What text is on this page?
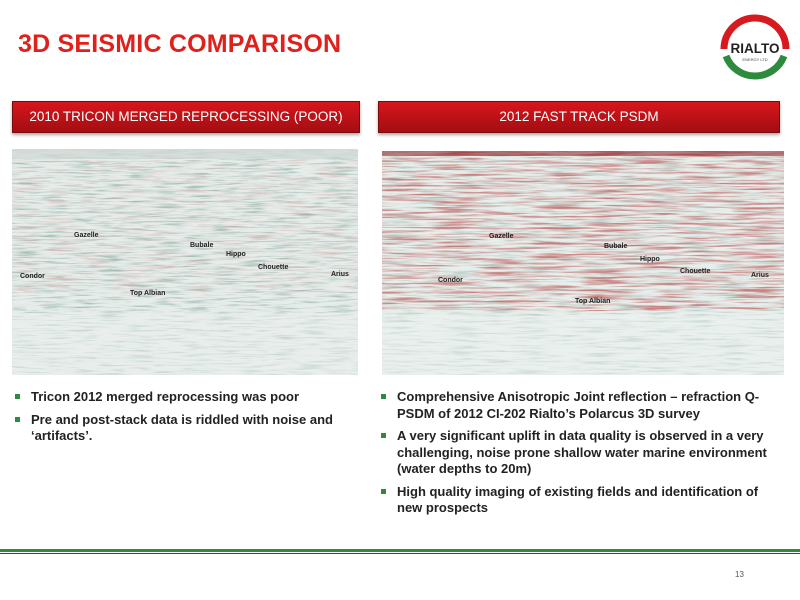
3D SEISMIC COMPARISON	RIALTO
ENERGY LTD
2010 TRICON MERGED REPROCESSING (POOR)	2012 FAST TRACK PSDM
Gazelle
Bubale
Hippo
Chouette
Arius
Condor
Top Albian
Gazelle
Bubale
Hippo
Chouette
Arius
Condor
Top Albian
Tricon 2012 merged reprocessing was poor
Pre and post-stack data is riddled with noise and ‘artifacts’.
Comprehensive Anisotropic Joint reflection – refraction Q-PSDM of 2012 CI-202 Rialto’s Polarcus 3D survey
A very significant uplift in data quality is observed in a very challenging, noise prone shallow water marine environment (water depths to 20m)
High quality imaging of existing fields and identification of new prospects
13
